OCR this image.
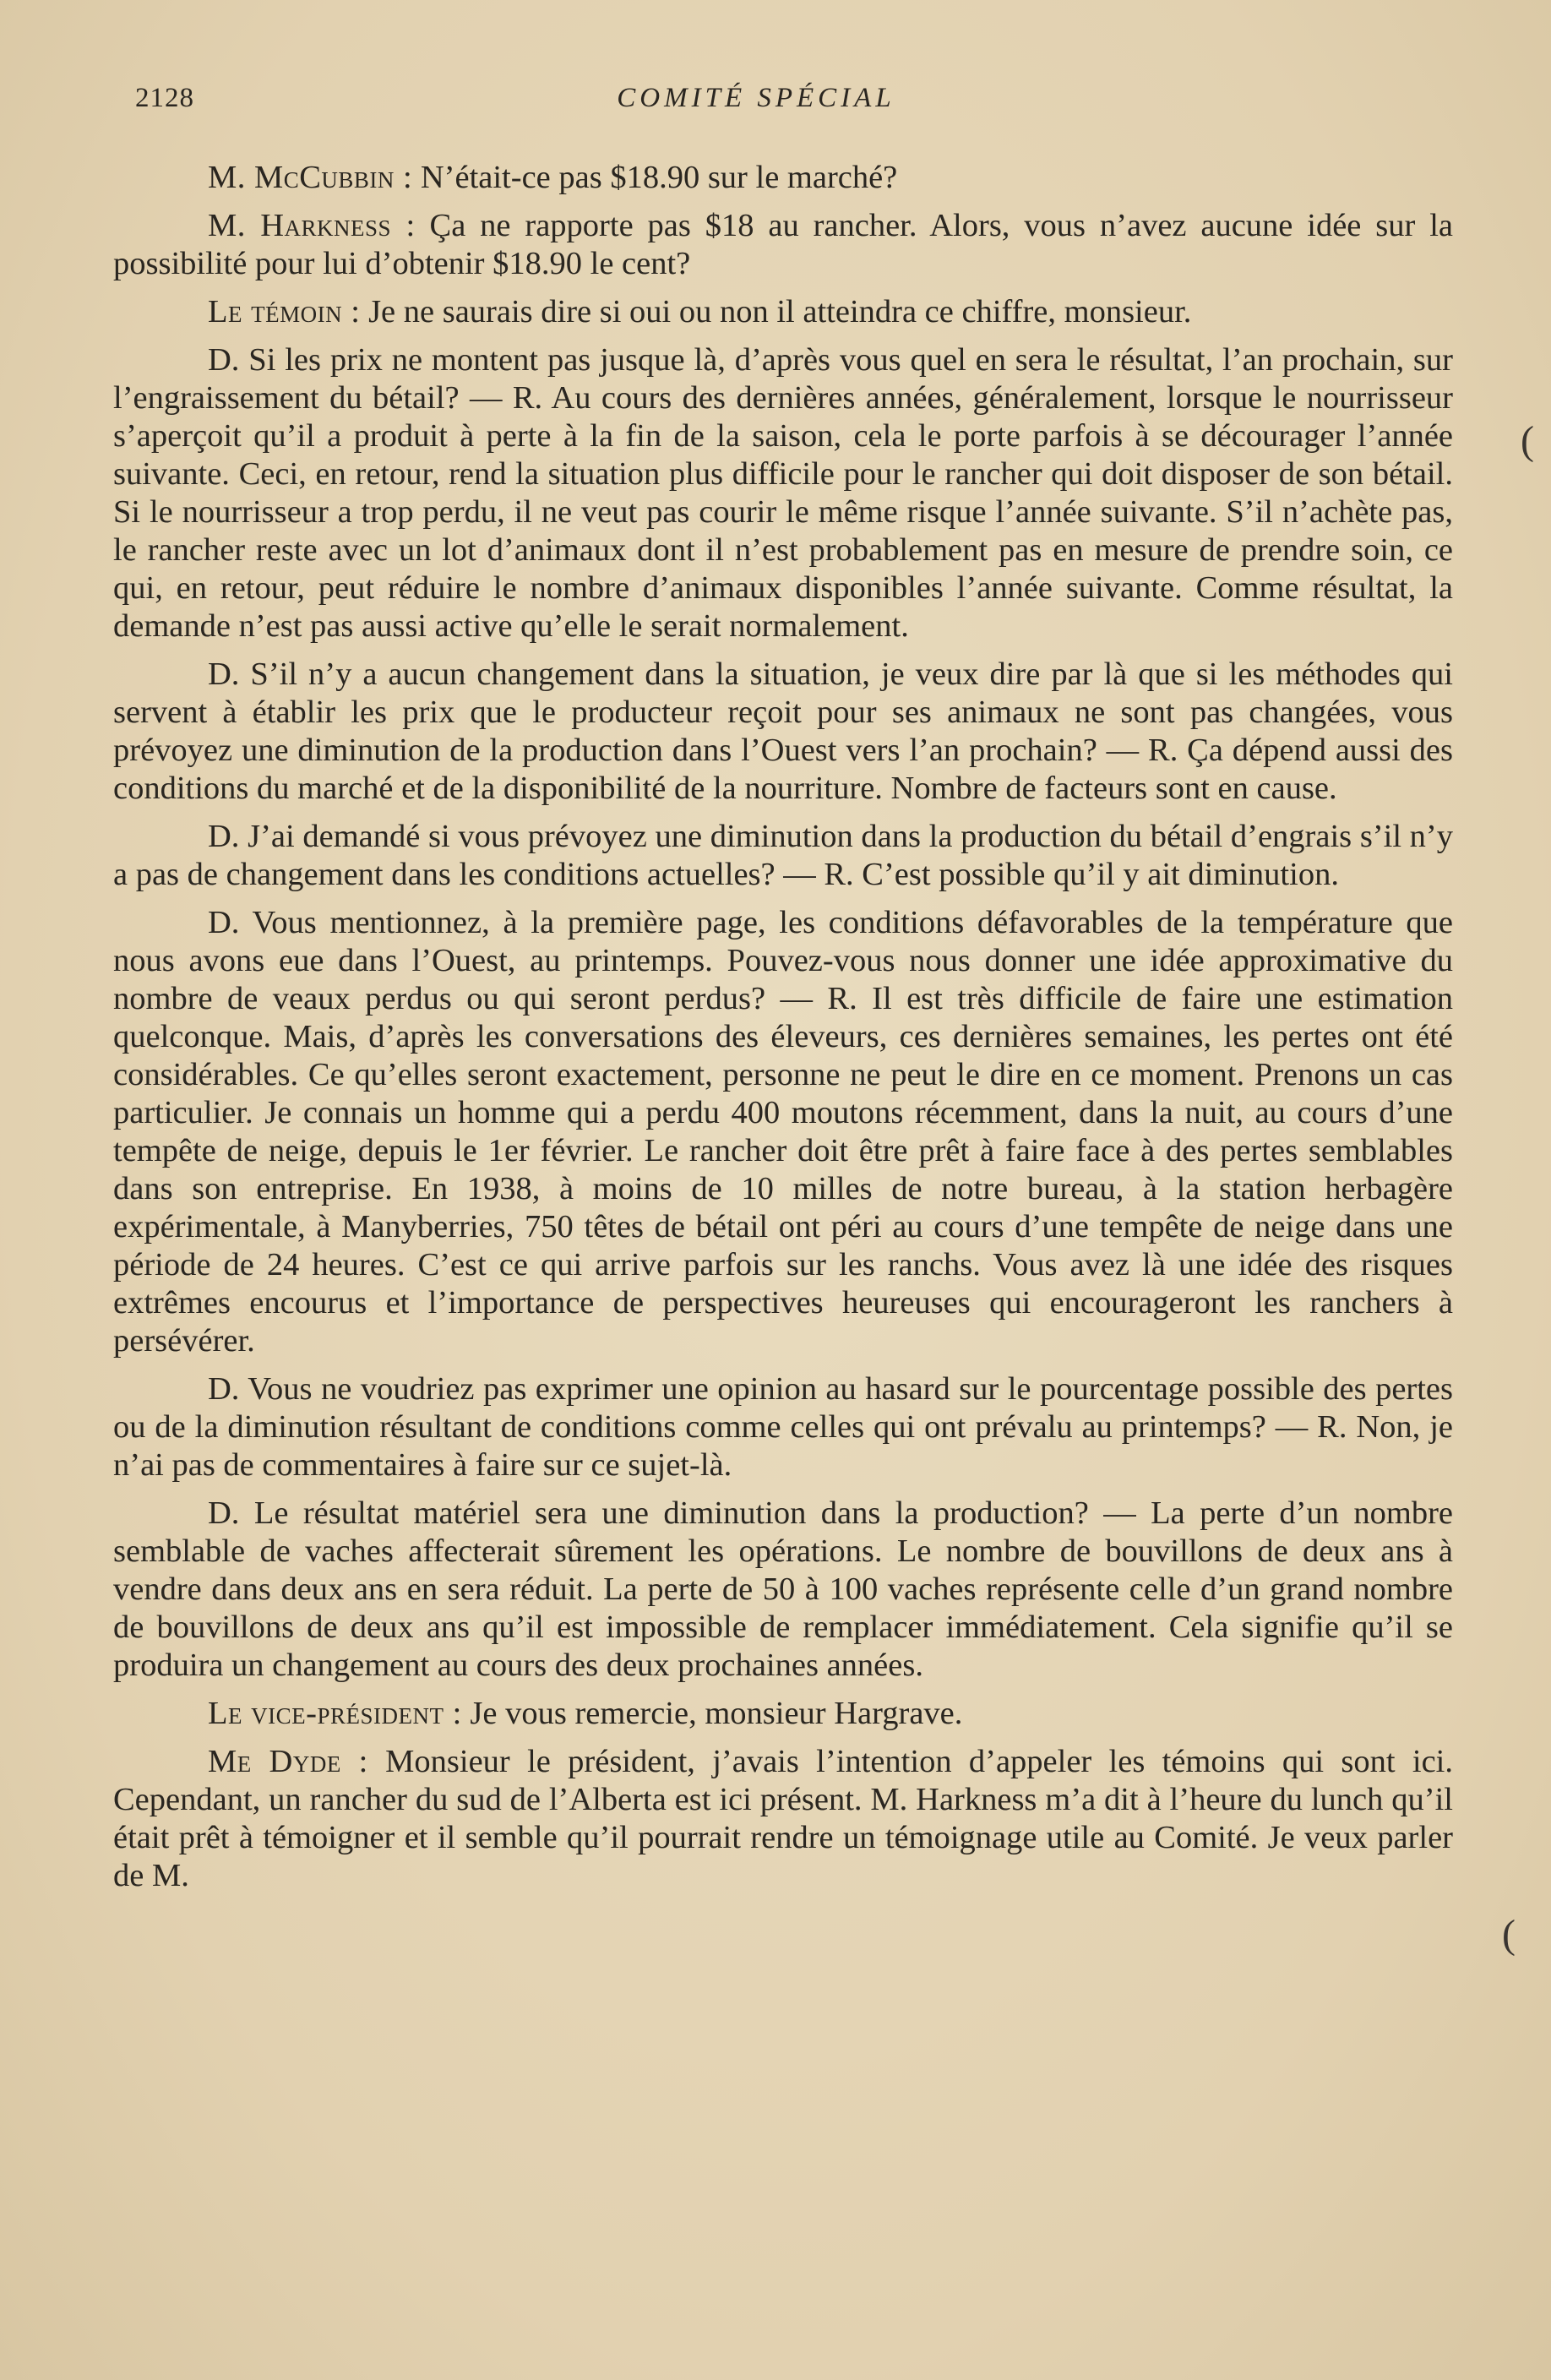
2128	COMITÉ SPÉCIAL

M. McCubbin : N’était-ce pas $18.90 sur le marché?

M. Harkness : Ça ne rapporte pas $18 au rancher. Alors, vous n’avez aucune idée sur la possibilité pour lui d’obtenir $18.90 le cent?

Le témoin : Je ne saurais dire si oui ou non il atteindra ce chiffre, monsieur.

D. Si les prix ne montent pas jusque là, d’après vous quel en sera le résultat, l’an prochain, sur l’engraissement du bétail? — R. Au cours des dernières années, généralement, lorsque le nourrisseur s’aperçoit qu’il a produit à perte à la fin de la saison, cela le porte parfois à se décourager l’année suivante. Ceci, en retour, rend la situation plus difficile pour le rancher qui doit disposer de son bétail. Si le nourrisseur a trop perdu, il ne veut pas courir le même risque l’année suivante. S’il n’achète pas, le rancher reste avec un lot d’animaux dont il n’est probablement pas en mesure de prendre soin, ce qui, en retour, peut réduire le nombre d’animaux disponibles l’année suivante. Comme résultat, la demande n’est pas aussi active qu’elle le serait normalement.

D. S’il n’y a aucun changement dans la situation, je veux dire par là que si les méthodes qui servent à établir les prix que le producteur reçoit pour ses animaux ne sont pas changées, vous prévoyez une diminution de la production dans l’Ouest vers l’an prochain? — R. Ça dépend aussi des conditions du marché et de la disponibilité de la nourriture. Nombre de facteurs sont en cause.

D. J’ai demandé si vous prévoyez une diminution dans la production du bétail d’engrais s’il n’y a pas de changement dans les conditions actuelles? — R. C’est possible qu’il y ait diminution.

D. Vous mentionnez, à la première page, les conditions défavorables de la température que nous avons eue dans l’Ouest, au printemps. Pouvez-vous nous donner une idée approximative du nombre de veaux perdus ou qui seront perdus? — R. Il est très difficile de faire une estimation quelconque. Mais, d’après les conversations des éleveurs, ces dernières semaines, les pertes ont été considérables. Ce qu’elles seront exactement, personne ne peut le dire en ce moment. Prenons un cas particulier. Je connais un homme qui a perdu 400 moutons récemment, dans la nuit, au cours d’une tempête de neige, depuis le 1er février. Le rancher doit être prêt à faire face à des pertes semblables dans son entreprise. En 1938, à moins de 10 milles de notre bureau, à la station herbagère expérimentale, à Manyberries, 750 têtes de bétail ont péri au cours d’une tempête de neige dans une période de 24 heures. C’est ce qui arrive parfois sur les ranchs. Vous avez là une idée des risques extrêmes encourus et l’importance de perspectives heureuses qui encourageront les ranchers à persévérer.

D. Vous ne voudriez pas exprimer une opinion au hasard sur le pourcentage possible des pertes ou de la diminution résultant de conditions comme celles qui ont prévalu au printemps? — R. Non, je n’ai pas de commentaires à faire sur ce sujet-là.

D. Le résultat matériel sera une diminution dans la production? — La perte d’un nombre semblable de vaches affecterait sûrement les opérations. Le nombre de bouvillons de deux ans à vendre dans deux ans en sera réduit. La perte de 50 à 100 vaches représente celle d’un grand nombre de bouvillons de deux ans qu’il est impossible de remplacer immédiatement. Cela signifie qu’il se produira un changement au cours des deux prochaines années.

Le vice-président : Je vous remercie, monsieur Hargrave.

Me Dyde : Monsieur le président, j’avais l’intention d’appeler les témoins qui sont ici. Cependant, un rancher du sud de l’Alberta est ici présent. M. Harkness m’a dit à l’heure du lunch qu’il était prêt à témoigner et il semble qu’il pourrait rendre un témoignage utile au Comité. Je veux parler de M.

(
(
